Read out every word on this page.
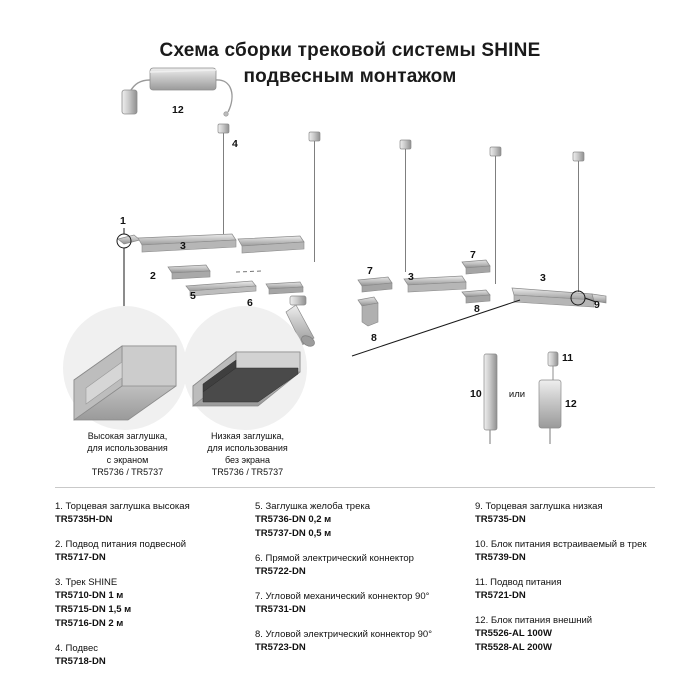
Схема сборки трековой системы SHINE
подвесным монтажом
1
2
3
3	3
4
5
6
7
7
8
8	9
10
11
12
12
Высокая заглушка,
для использования
с экраном
TR5736 / TR5737
Низкая заглушка,
для использования
без экрана
TR5736 / TR5737
или
1. Торцевая заглушка высокая
TR5735H-DN
2. Подвод питания подвесной
TR5717-DN
3. Трек SHINE
TR5710-DN 1 м
TR5715-DN 1,5 м
TR5716-DN 2 м
4. Подвес
TR5718-DN
5. Заглушка желоба трека
TR5736-DN 0,2 м
TR5737-DN 0,5 м
6. Прямой электрический коннектор
TR5722-DN
7. Угловой механический коннектор 90°
TR5731-DN
8. Угловой электрический коннектор 90°
TR5723-DN
9. Торцевая заглушка низкая
TR5735-DN
10. Блок питания встраиваемый в трек
TR5739-DN
11. Подвод питания
TR5721-DN
12. Блок питания внешний
TR5526-AL 100W
TR5528-AL 200W
